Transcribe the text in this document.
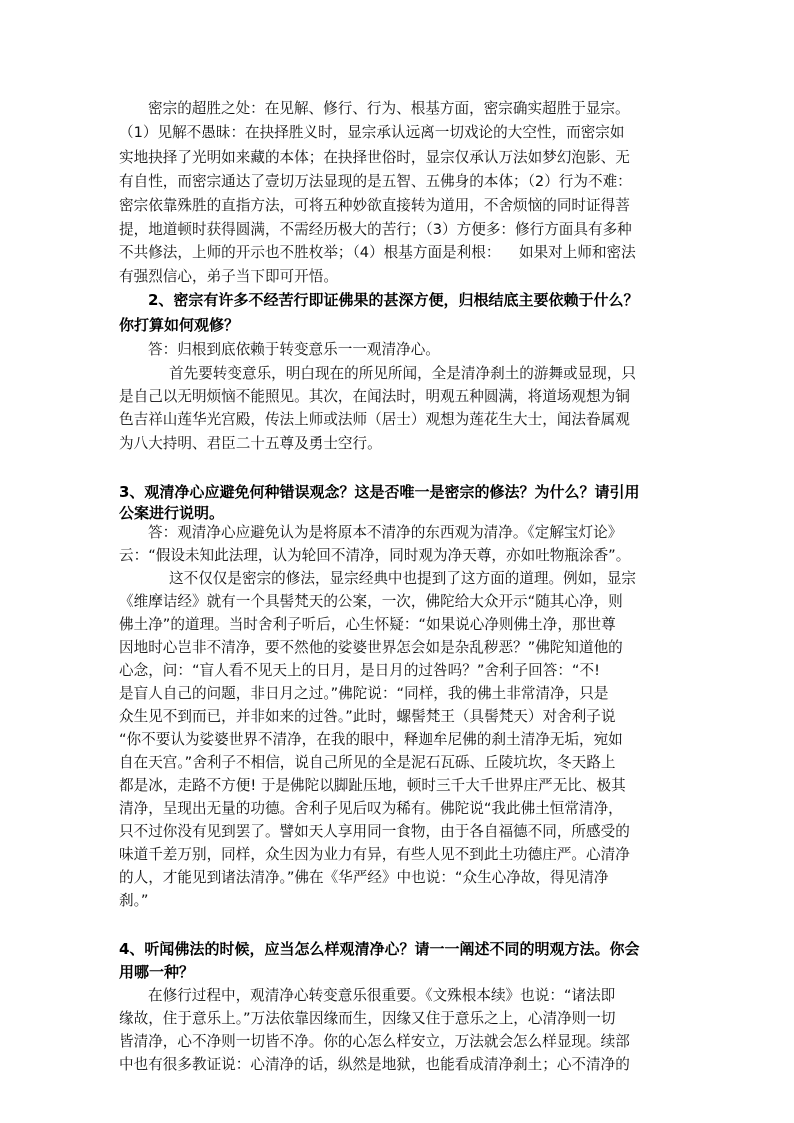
密宗的超胜之处：在见解、修行、行为、根基方面，密宗确实超胜于显宗。
（1）见解不愚昧：在抉择胜义时，显宗承认远离一切戏论的大空性，而密宗如
实地抉择了光明如来藏的本体；在抉择世俗时，显宗仅承认万法如梦幻泡影、无
有自性，而密宗通达了壹切万法显现的是五智、五佛身的本体；（2）行为不难：
密宗依靠殊胜的直指方法，可将五种妙欲直接转为道用，不舍烦恼的同时证得菩
提，地道顿时获得圆满，不需经历极大的苦行；（3）方便多：修行方面具有多种
不共修法，上师的开示也不胜枚举；（4）根基方面是利根：    如果对上师和密法
有强烈信心，弟子当下即可开悟。
2、密宗有许多不经苦行即证佛果的甚深方便，归根结底主要依赖于什么？
你打算如何观修？
答：归根到底依赖于转变意乐一一观清净心。
首先要转变意乐，明白现在的所见所闻，全是清净刹土的游舞或显现，只
是自己以无明烦恼不能照见。其次，在闻法时，明观五种圆满，将道场观想为铜
色吉祥山莲华光宫殿，传法上师或法师（居士）观想为莲花生大士，闻法眷属观
为八大持明、君臣二十五尊及勇士空行。
3、观清净心应避免何种错误观念？这是否唯一是密宗的修法？为什么？请引用
公案进行说明。
答：观清净心应避免认为是将原本不清净的东西观为清净。《定解宝灯论》
云：“假设未知此法理，认为轮回不清净，同时观为净天尊，亦如吐物瓶涂香”。
这不仅仅是密宗的修法，显宗经典中也提到了这方面的道理。例如，显宗
《维摩诘经》就有一个具髻梵天的公案，一次，佛陀给大众开示“随其心净，则
佛土净”的道理。当时舍利子听后，心生怀疑：“如果说心净则佛土净，那世尊
因地时心岂非不清净，要不然他的娑婆世界怎会如是杂乱秽恶？”佛陀知道他的
心念，问：“盲人看不见天上的日月，是日月的过咎吗？”舍利子回答：“不!
是盲人自己的问题，非日月之过。”佛陀说：“同样，我的佛土非常清净，只是
众生见不到而已，并非如来的过咎。”此时，螺髻梵王（具髻梵天）对舍利子说
“你不要认为娑婆世界不清净，在我的眼中，释迦牟尼佛的刹土清净无垢，宛如
自在天宫。”舍利子不相信，说自己所见的全是泥石瓦砾、丘陵坑坎，冬天路上
都是冰，走路不方便! 于是佛陀以脚趾压地，顿时三千大千世界庄严无比、极其
清净，呈现出无量的功德。舍利子见后叹为稀有。佛陀说“我此佛土恒常清净，
只不过你没有见到罢了。譬如天人享用同一食物，由于各自福德不同，所感受的
味道千差万别，同样，众生因为业力有异，有些人见不到此土功德庄严。心清净
的人，才能见到诸法清净。”佛在《华严经》中也说：“众生心净故，得见清净
刹。”
4、听闻佛法的时候，应当怎么样观清净心？请一一阐述不同的明观方法。你会
用哪一种？
在修行过程中，观清净心转变意乐很重要。《文殊根本续》也说：“诸法即
缘故，住于意乐上。”万法依靠因缘而生，因缘又住于意乐之上，心清净则一切
皆清净，心不净则一切皆不净。你的心怎么样安立，万法就会怎么样显现。续部
中也有很多教证说：心清净的话，纵然是地狱，也能看成清净刹土；心不清净的
